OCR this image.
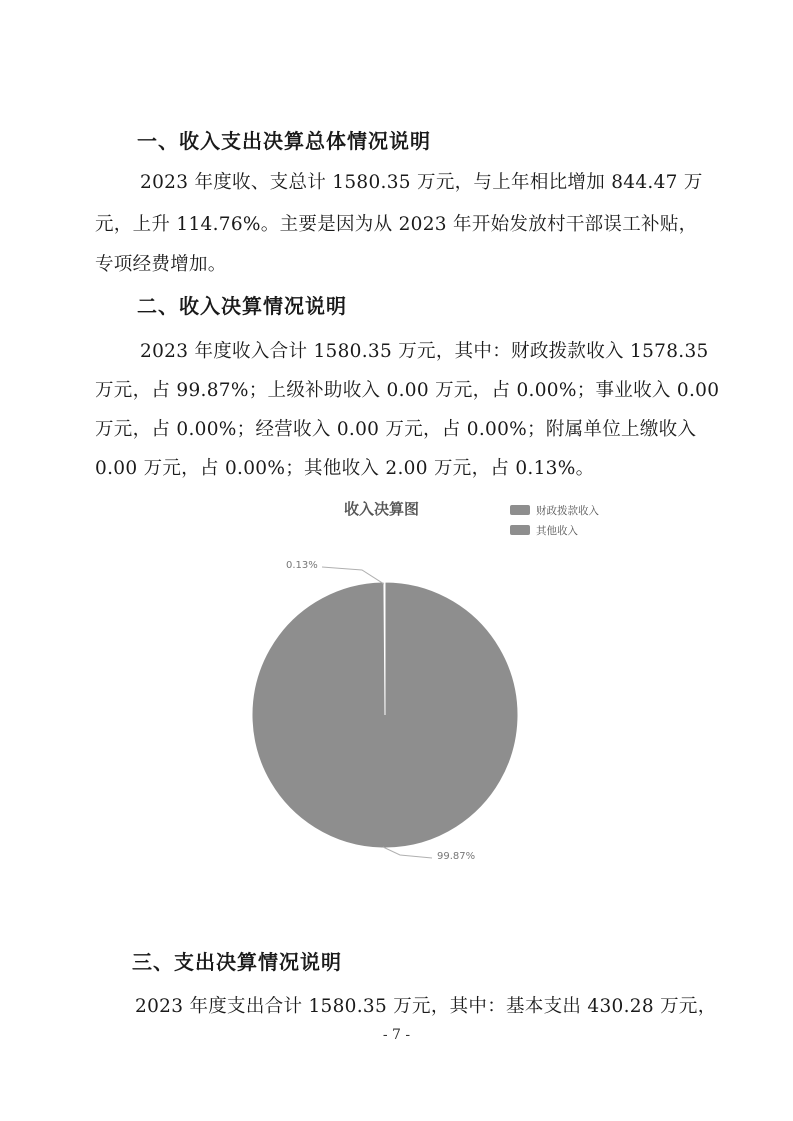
一、收入支出决算总体情况说明
2023 年度收、支总计 1580.35 万元，与上年相比增加 844.47 万
元，上升 114.76%。主要是因为从 2023 年开始发放村干部误工补贴，
专项经费增加。
二、收入决算情况说明
2023 年度收入合计 1580.35 万元，其中：财政拨款收入 1578.35
万元，占 99.87%；上级补助收入 0.00 万元，占 0.00%；事业收入 0.00
万元，占 0.00%；经营收入 0.00 万元，占 0.00%；附属单位上缴收入
0.00 万元，占 0.00%；其他收入 2.00 万元，占 0.13%。
收入决算图	财政拨款收入
其他收入
0.13%
99.87%
三、支出决算情况说明
2023 年度支出合计 1580.35 万元，其中：基本支出 430.28 万元，
- 7 -
